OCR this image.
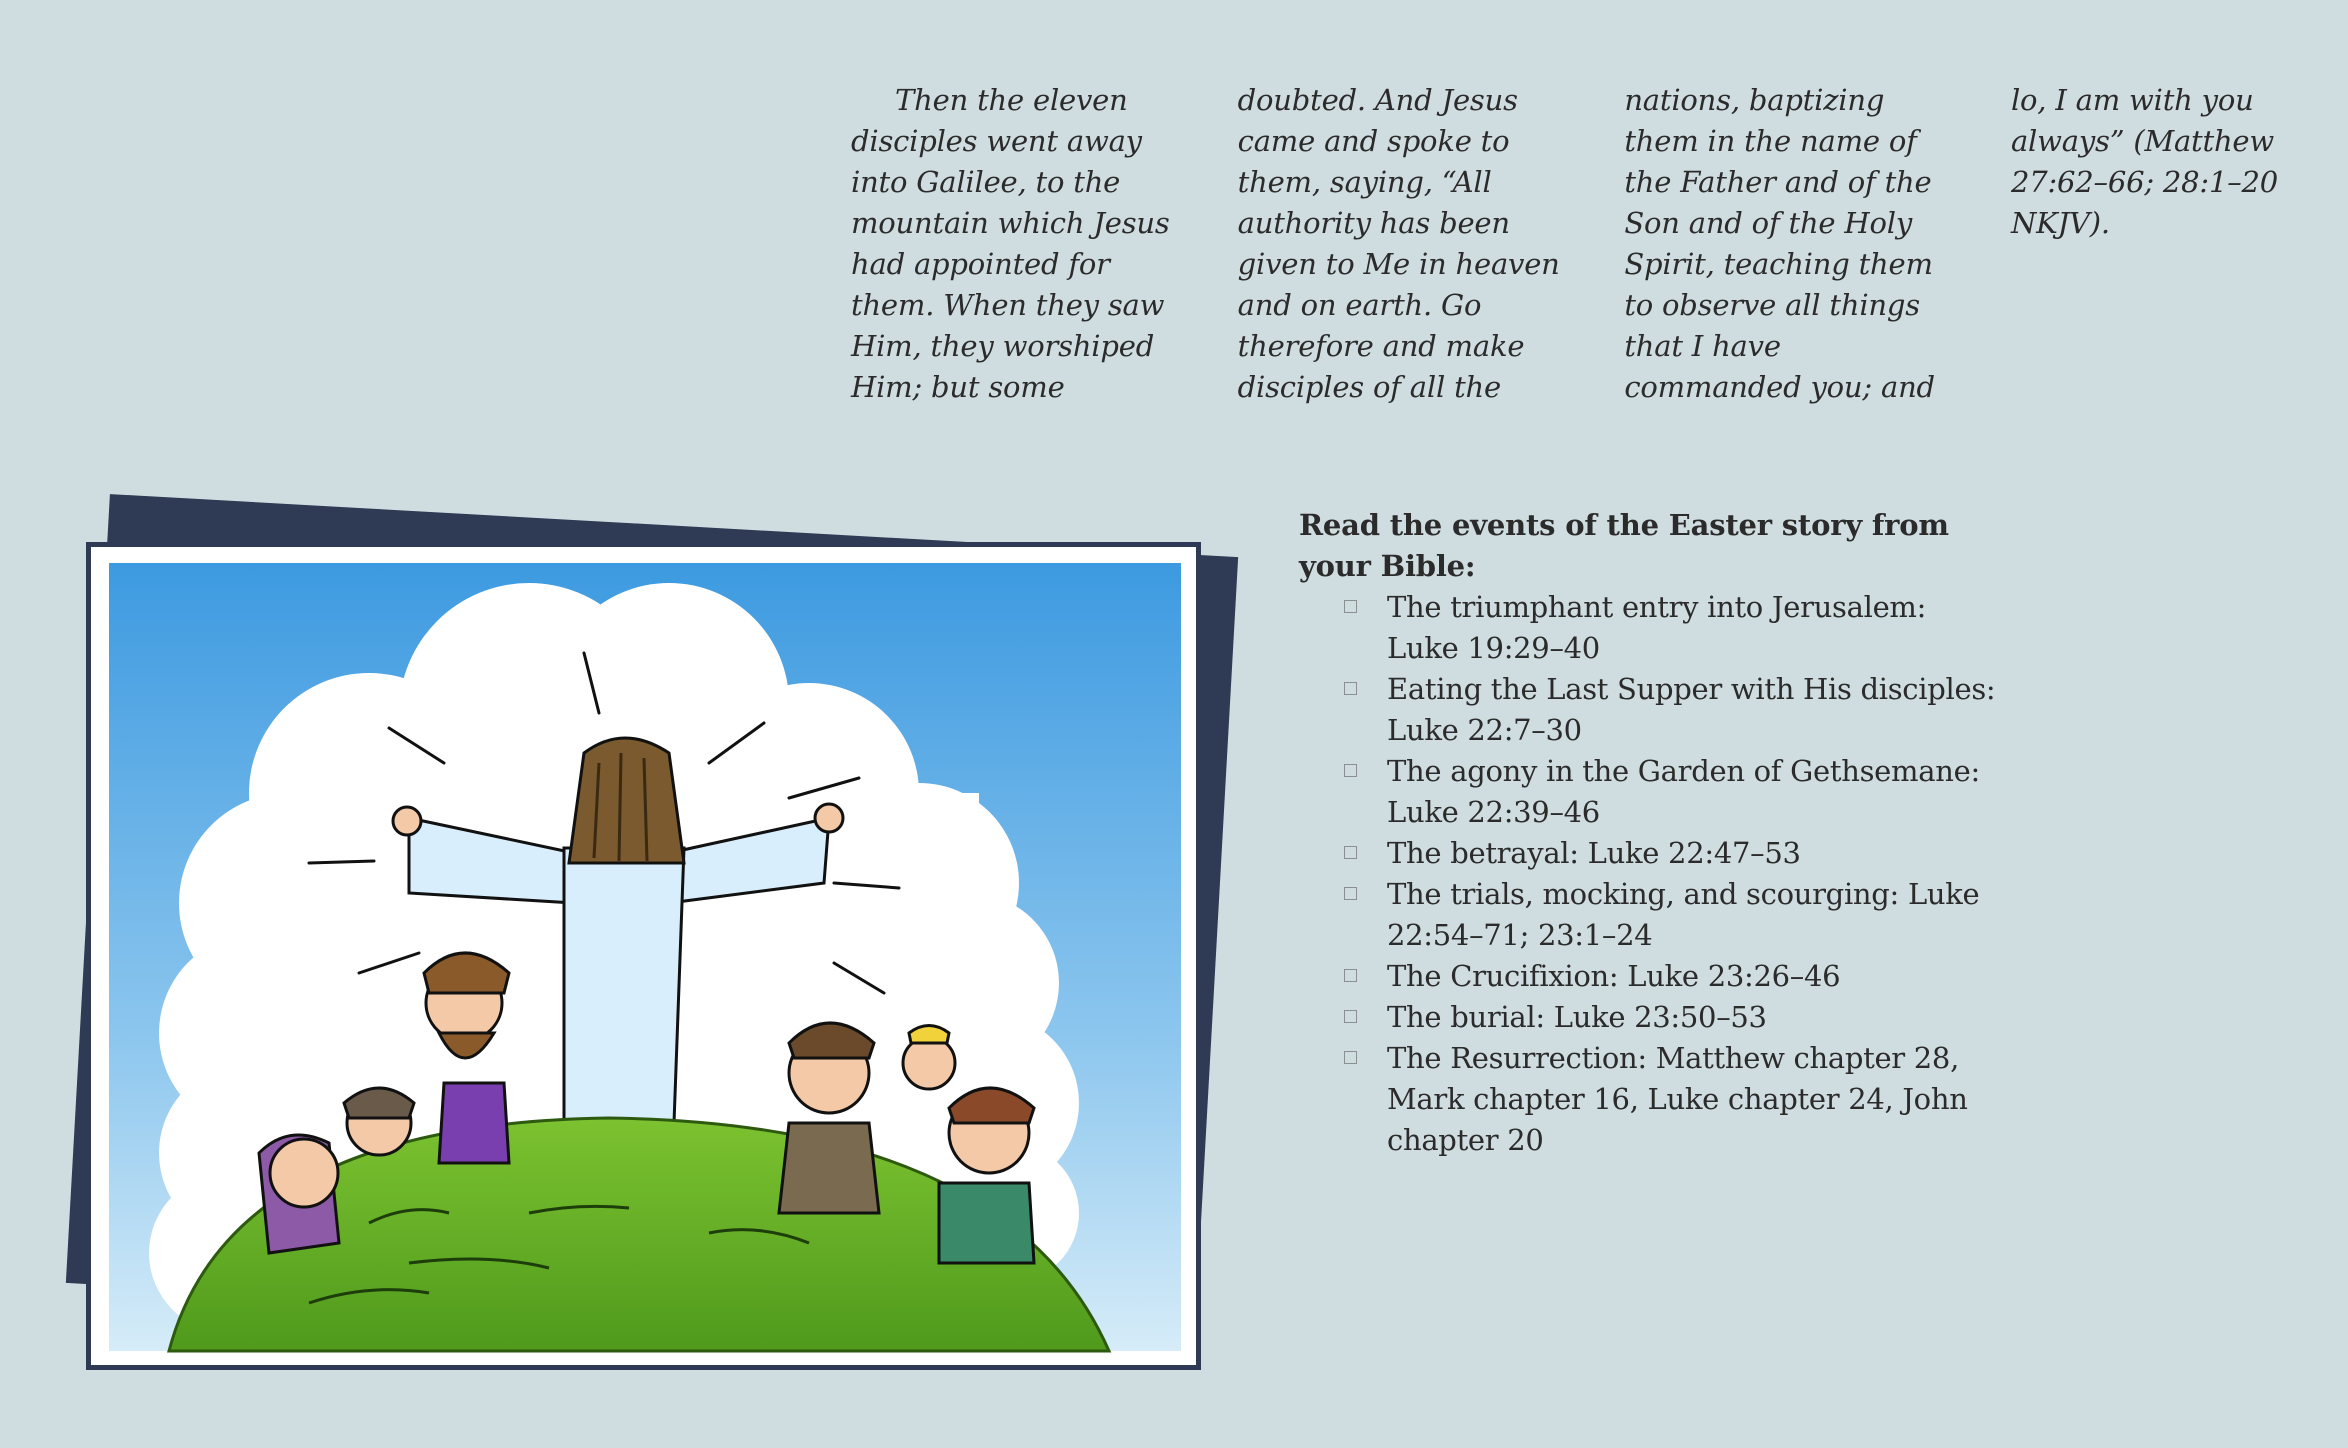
Then the eleven disciples went away into Galilee, to the mountain which Jesus had appointed for them. When they saw Him, they worshiped Him; but some doubted. And Jesus came and spoke to them, saying, “All authority has been given to Me in heaven and on earth. Go therefore and make disciples of all the nations, baptizing them in the name of the Father and of the Son and of the Holy Spirit, teaching them to observe all things that I have commanded you; and lo, I am with you always” (Matthew 27:62–66; 28:1–20 NKJV).

Read the events of the Easter story from your Bible:
The triumphant entry into Jerusalem: Luke 19:29–40
Eating the Last Supper with His disciples: Luke 22:7–30
The agony in the Garden of Gethsemane: Luke 22:39–46
The betrayal: Luke 22:47–53
The trials, mocking, and scourging: Luke 22:54–71; 23:1–24
The Crucifixion: Luke 23:26–46
The burial: Luke 23:50–53
The Resurrection: Matthew chapter 28, Mark chapter 16, Luke chapter 24, John chapter 20
